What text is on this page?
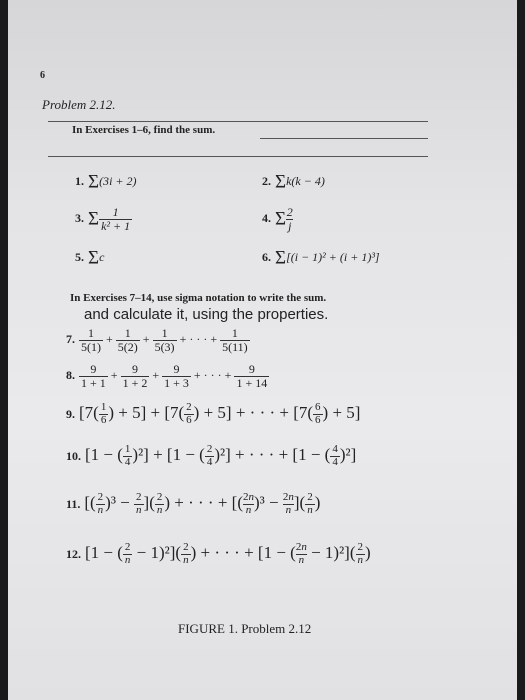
6
Problem 2.12.
In Exercises 1–6, find the sum.
1. Σ(3i + 2)	2. Σk(k − 4)
3. Σ $\frac{1}{\text{k² + 1}}$	4. Σ $\frac{2}{j}$
5. Σc	6. Σ[(i − 1)² + (i + 1)³]
In Exercises 7–14, use sigma notation to write the sum.
and calculate it, using the properties.
7. $\frac{1}{5(1)} + \frac{1}{5(2)} + \frac{1}{5(3)}$ + · · · + $\frac{1}{5(11)}$
8. $\frac{9}{1 + 1} + \frac{9}{1 + 2} + \frac{9}{1 + 3}$ + · · · + $\frac{9}{1 + 14}$
9. [$7( \frac{1}{6}$ ) + $5] + [7( \frac{2}{6}$ ) + 5] + · · · + [$7( \frac{6}{6}$ ) + 5]
10. [1 − ( $\frac{1}{4} )^2] + [1$ − ( $\frac{2}{4} )^2$] + · · · + [1 − ( $\frac{4}{4} )^2$]
11. [( $\frac{2}{n} )^3 - \frac{2}{n}$ ]( $\frac{2}{n}$ ) + · · · + [( $\frac{2n}{n} )^3 - \frac{2n}{n}$ ]( $\frac{2}{n}$ )
12. [1 − ( $\frac{2}{n} - 1)^2]( \frac{2}{n}$ ) + · · · + [1 − ( $\frac{2n}{n} - 1)^2]( \frac{2}{n}$ )
FIGURE 1. Problem 2.12
